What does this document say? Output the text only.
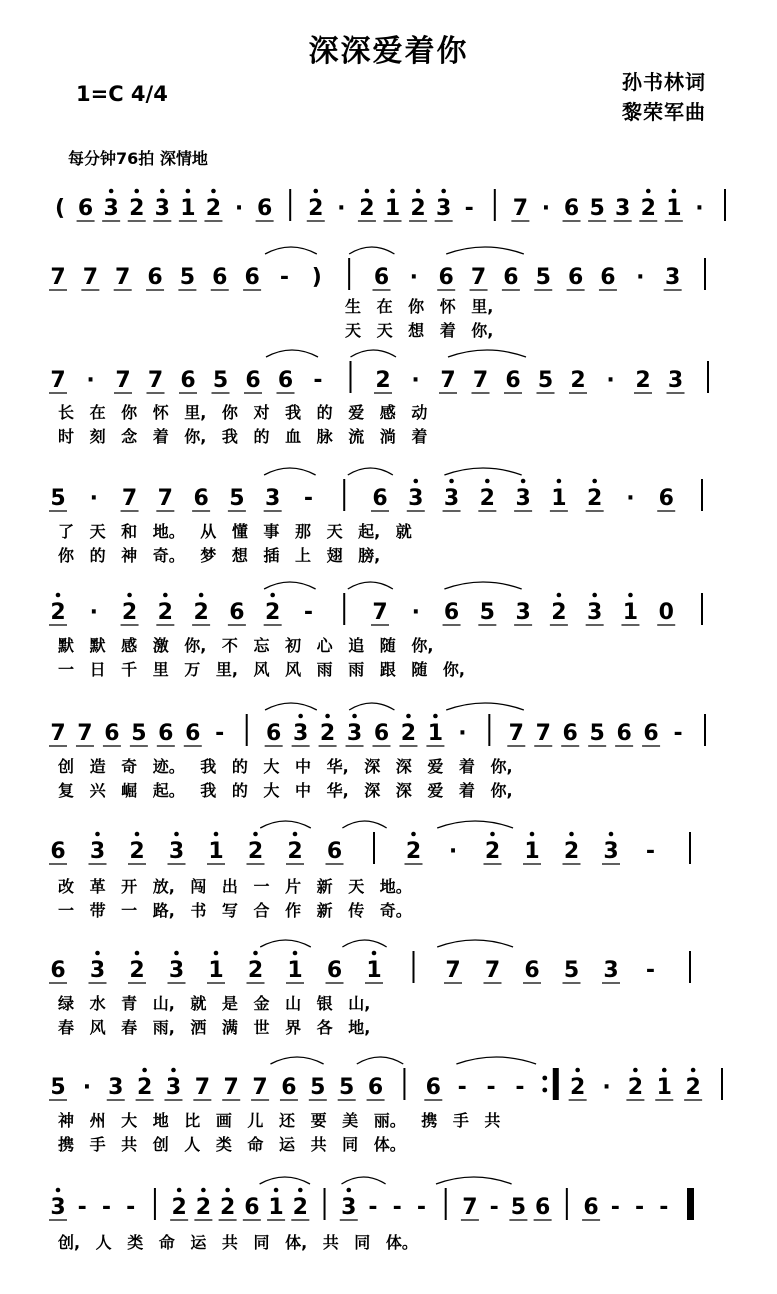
深深爱着你
1=C 4/4	孙书林词
黎荣军曲
每分钟76拍 深情地
( 6 3 2 3 1 2 · 6 2 · 2 1 2 3 - 7 · 6 5 3 2 1 ·
7 7 7 6 5 6 6 - ) 6 · 6 7 6 5 6 6 · 3
7 · 7 7 6 5 6 6 - 2 · 7 7 6 5 2 · 2 3
5 · 7 7 6 5 3 -	6 3 3 2 3 1 2 · 6
2 · 2 2 2 6 2 -	7 · 6 5 3 2 3 1 0
7 7 6 5 6 6 - 6 3 2 3 6 2 1 · 7 7 6 5 6 6 -
6 3 2 3 1 2 2 6	2 · 2 1 2 3 -
6 3 2 3 1 2 1 6 1	7 7 6 5 3 -
5 · 3 2 3 7 7 7 6 5 5 6 6 - - - 2 · 2 1 2
3 - - - 2 2 2 6 1 2 3 - - - 7 - 5 6 6 - - -
生 在 你 怀 里,
天 天 想 着 你,
长 在 你 怀 里, 你 对 我 的 爱 感 动
时 刻 念 着 你, 我 的 血 脉 流 淌 着
了 天 和 地。 从 懂 事 那 天 起, 就
你 的 神 奇。 梦 想 插 上 翅 膀,
默 默 感 激 你, 不 忘 初 心 追 随 你,
一 日 千 里 万 里, 风 风 雨 雨 跟 随 你,
创 造 奇 迹。 我 的 大 中 华, 深 深 爱 着 你,
复 兴 崛 起。 我 的 大 中 华, 深 深 爱 着 你,
改 革 开 放, 闯 出 一 片 新 天 地。
一 带 一 路, 书 写 合 作 新 传 奇。
绿 水 青 山, 就 是 金 山 银 山,
春 风 春 雨, 洒 满 世 界 各 地,
神 州 大 地 比 画 儿 还 要 美 丽。 携 手 共
携 手 共 创 人 类 命 运 共 同 体。
创, 人 类 命 运 共 同 体, 共 同 体。
